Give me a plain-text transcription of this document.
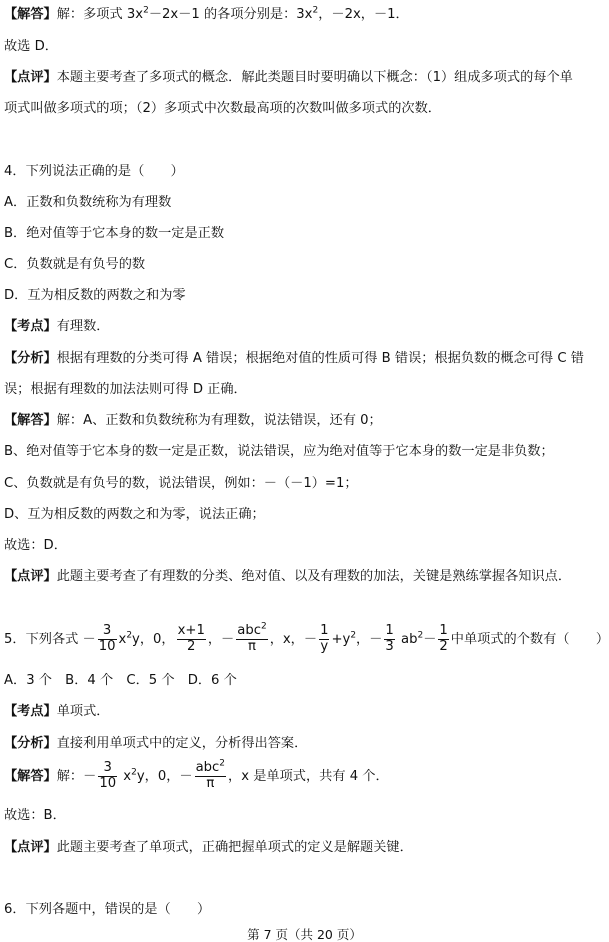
【解答】解：多项式 $3x^2-2x-1$ 的各项分别是：$3x^2$，－2x，－1．
故选 D．
【点评】本题主要考查了多项式的概念．解此类题目时要明确以下概念：（1）组成多项式的每个单
项式叫做多项式的项；（2）多项式中次数最高项的次数叫做多项式的次数．
4．下列说法正确的是（　　）
A．正数和负数统称为有理数
B．绝对值等于它本身的数一定是正数
C．负数就是有负号的数
D．互为相反数的两数之和为零
【考点】有理数．
【分析】根据有理数的分类可得 A 错误；根据绝对值的性质可得 B 错误；根据负数的概念可得 C 错
误；根据有理数的加法法则可得 D 正确．
【解答】解：A、正数和负数统称为有理数，说法错误，还有 0；
B、绝对值等于它本身的数一定是正数，说法错误，应为绝对值等于它本身的数一定是非负数；
C、负数就是有负号的数，说法错误，例如：－（－1）=1；
D、互为相反数的两数之和为零，说法正确；
故选：D．
【点评】此题主要考查了有理数的分类、绝对值、以及有理数的加法，关键是熟练掌握各知识点．
5．下列各式 － $\frac{3}{10} x^2y$，0， $\frac{x+1}{2}$ ，－ $\frac{abc^2}{\pi}$ ，x，－ $\frac{1}{y} +y^2$，－ $\frac{1}{3} ab^2- \frac{1}{2}$ 中单项式的个数有（　　）
A．3 个　B．4 个　C．5 个　D．6 个
【考点】单项式．
【分析】直接利用单项式中的定义，分析得出答案．
【解答】解：－ $\frac{3}{10} x^2y$，0，－ $\frac{abc^2}{\pi}$ ，x 是单项式，共有 4 个．
故选：B．
【点评】此题主要考查了单项式，正确把握单项式的定义是解题关键．
6．下列各题中，错误的是（　　）
第 7 页（共 20 页）
